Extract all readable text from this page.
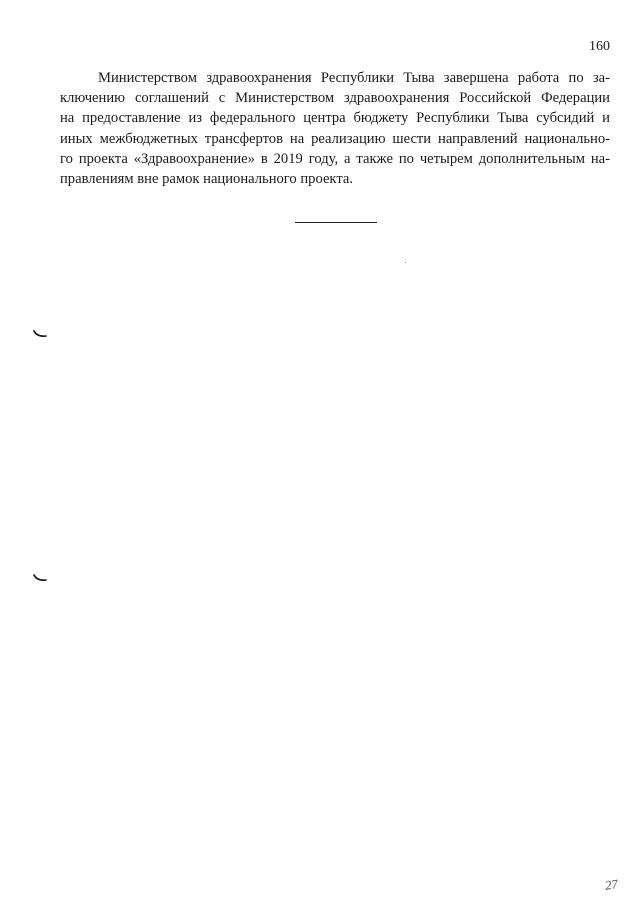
160

Министерством здравоохранения Республики Тыва завершена работа по за-
ключению соглашений с Министерством здравоохранения Российской Федерации
на предоставление из федерального центра бюджету Республики Тыва субсидий и
иных межбюджетных трансфертов на реализацию шести направлений национально-
го проекта «Здравоохранение» в 2019 году, а также по четырем дополнительным на-
правлениям вне рамок национального проекта.

27
